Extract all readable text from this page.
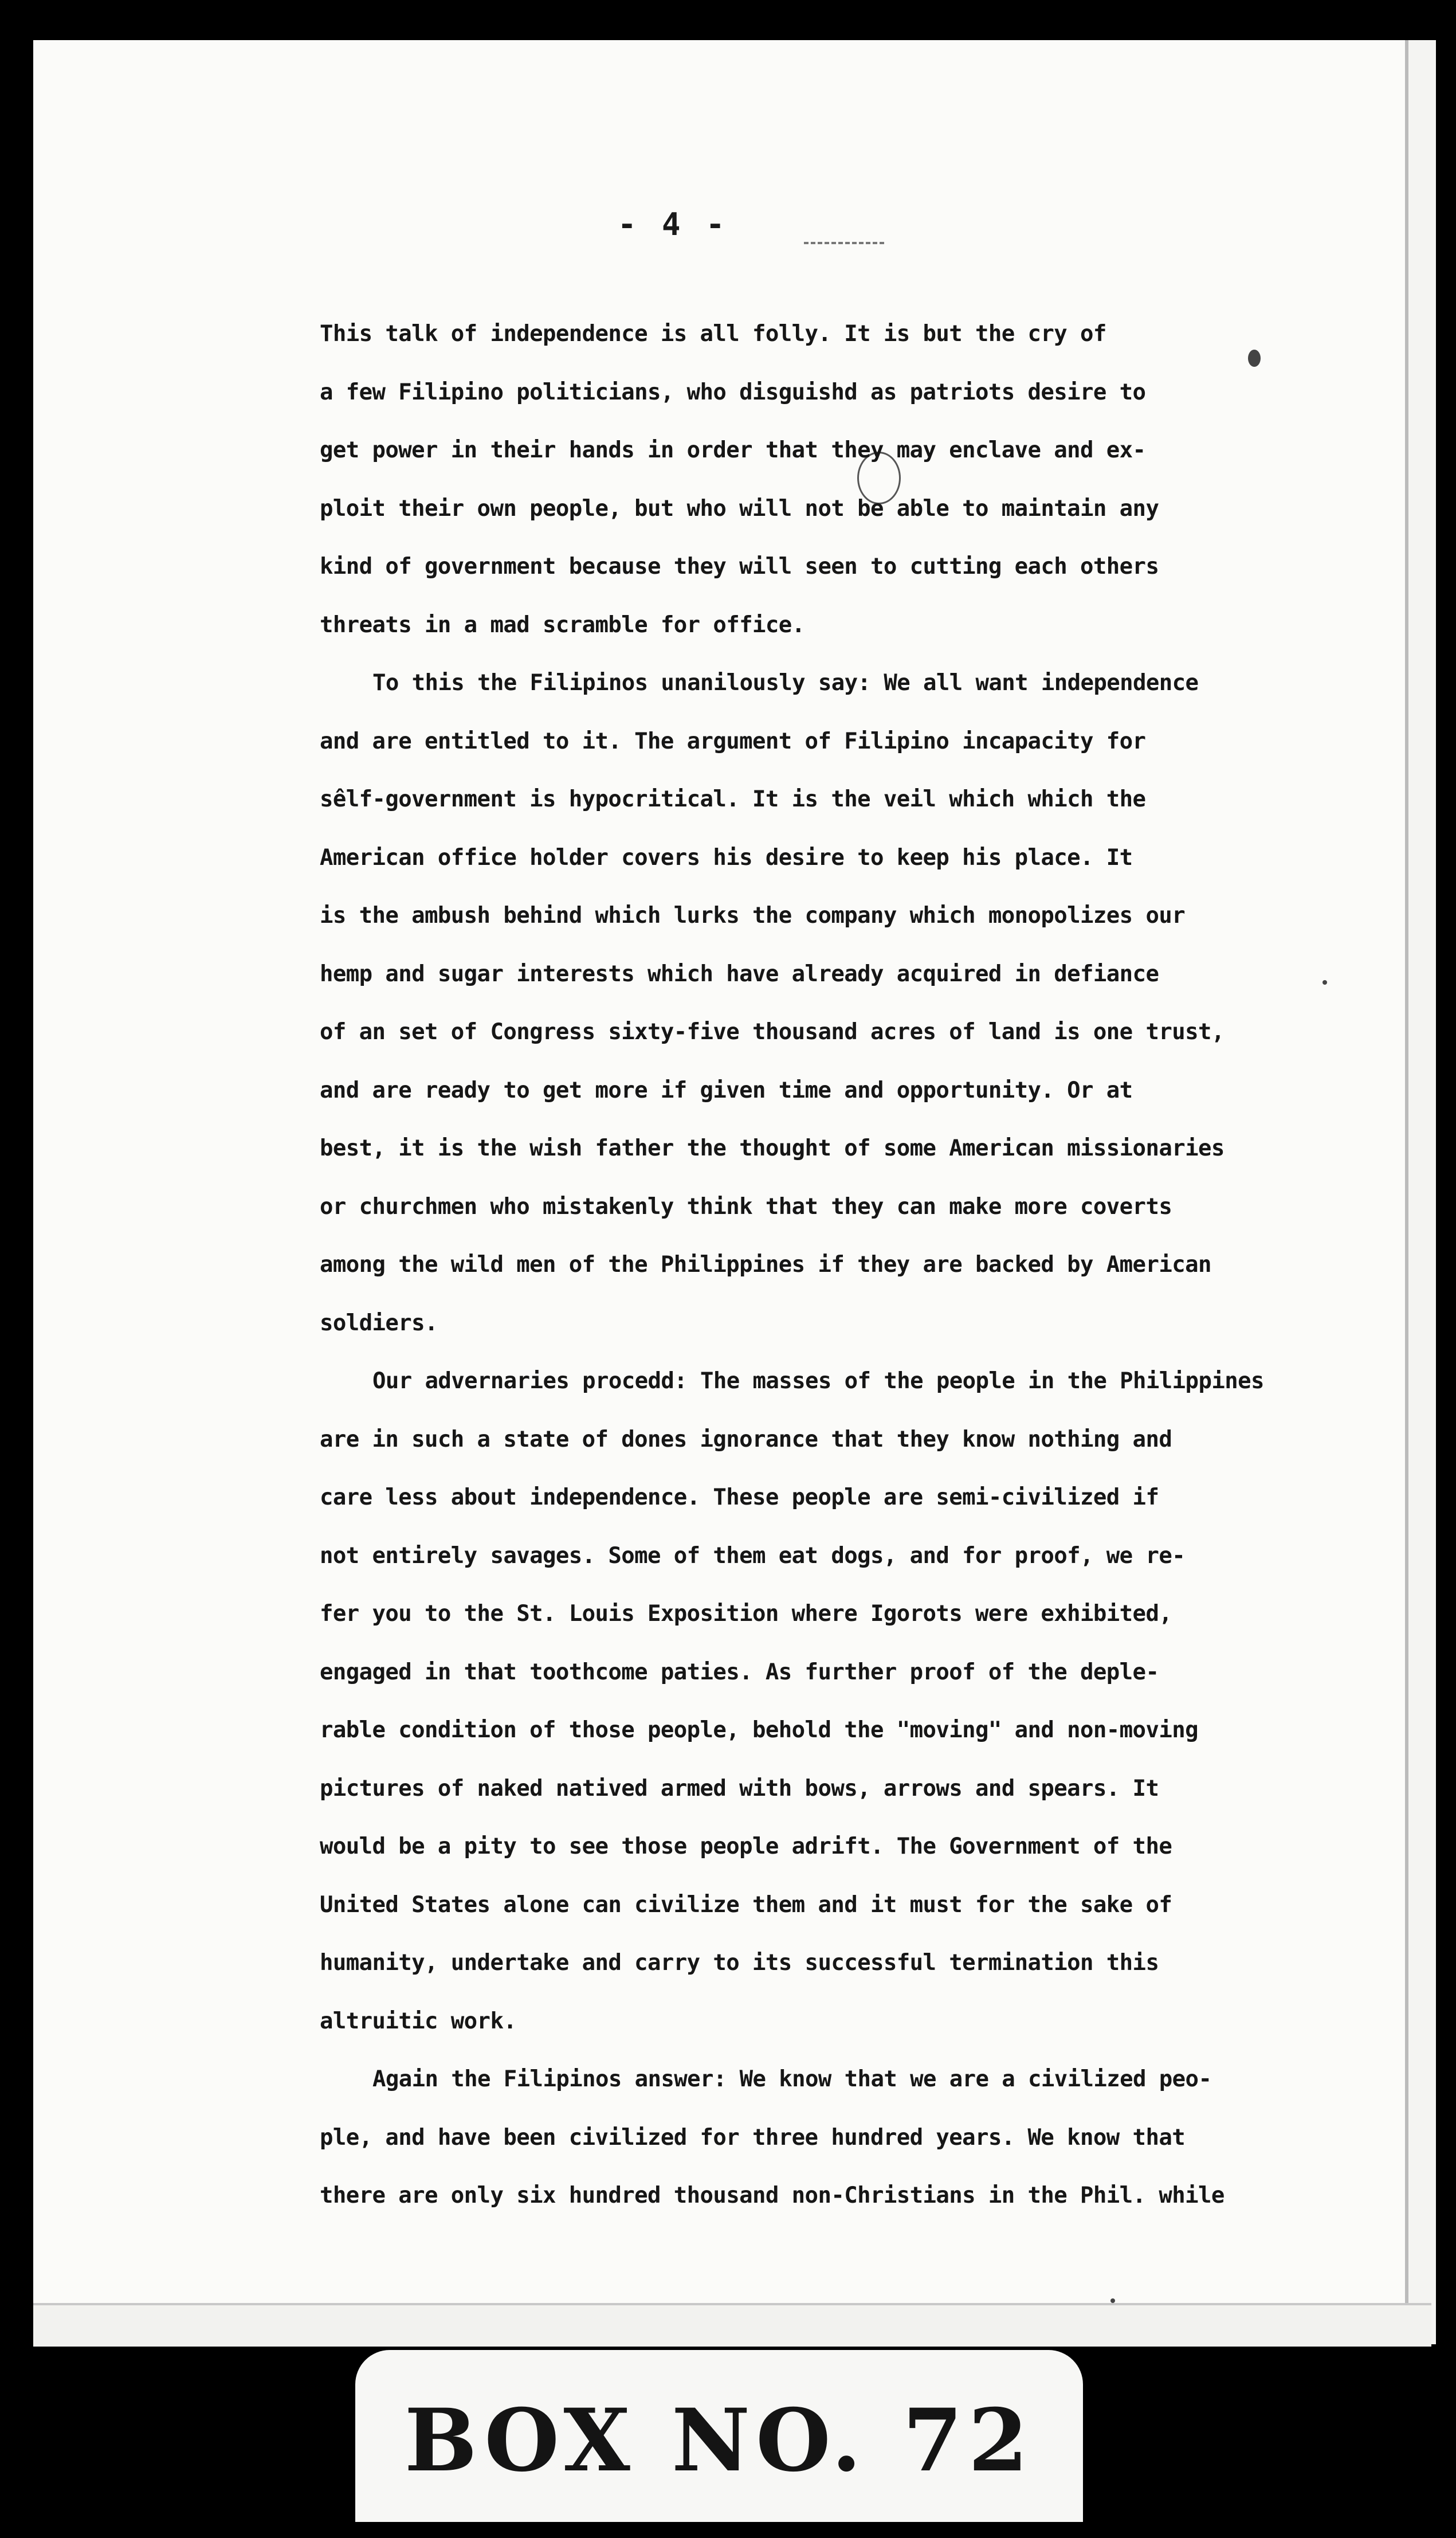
- 4 -
This talk of independence is all folly. It is but the cry of
a few Filipino politicians, who disguishd as patriots desire to
get power in their hands in order that they may enclave and ex-
ploit their own people, but who will not be able to maintain any
kind of government because they will seen to cutting each others
threats in a mad scramble for office.
To this the Filipinos unanilously say: We all want independence
and are entitled to it. The argument of Filipino incapacity for
sêlf-government is hypocritical. It is the veil which which the
American office holder covers his desire to keep his place. It
is the ambush behind which lurks the company which monopolizes our
hemp and sugar interests which have already acquired in defiance
of an set of Congress sixty-five thousand acres of land is one trust,
and are ready to get more if given time and opportunity. Or at
best, it is the wish father the thought of some American missionaries
or churchmen who mistakenly think that they can make more coverts
among the wild men of the Philippines if they are backed by American
soldiers.
Our advernaries procedd: The masses of the people in the Philippines
are in such a state of dones ignorance that they know nothing and
care less about independence. These people are semi-civilized if
not entirely savages. Some of them eat dogs, and for proof, we re-
fer you to the St. Louis Exposition where Igorots were exhibited,
engaged in that toothcome paties. As further proof of the deple-
rable condition of those people, behold the "moving" and non-moving
pictures of naked natived armed with bows, arrows and spears. It
would be a pity to see those people adrift. The Government of the
United States alone can civilize them and it must for the sake of
humanity, undertake and carry to its successful termination this
altruitic work.
Again the Filipinos answer: We know that we are a civilized peo-
ple, and have been civilized for three hundred years. We know that
there are only six hundred thousand non-Christians in the Phil. while
BOX NO. 72
